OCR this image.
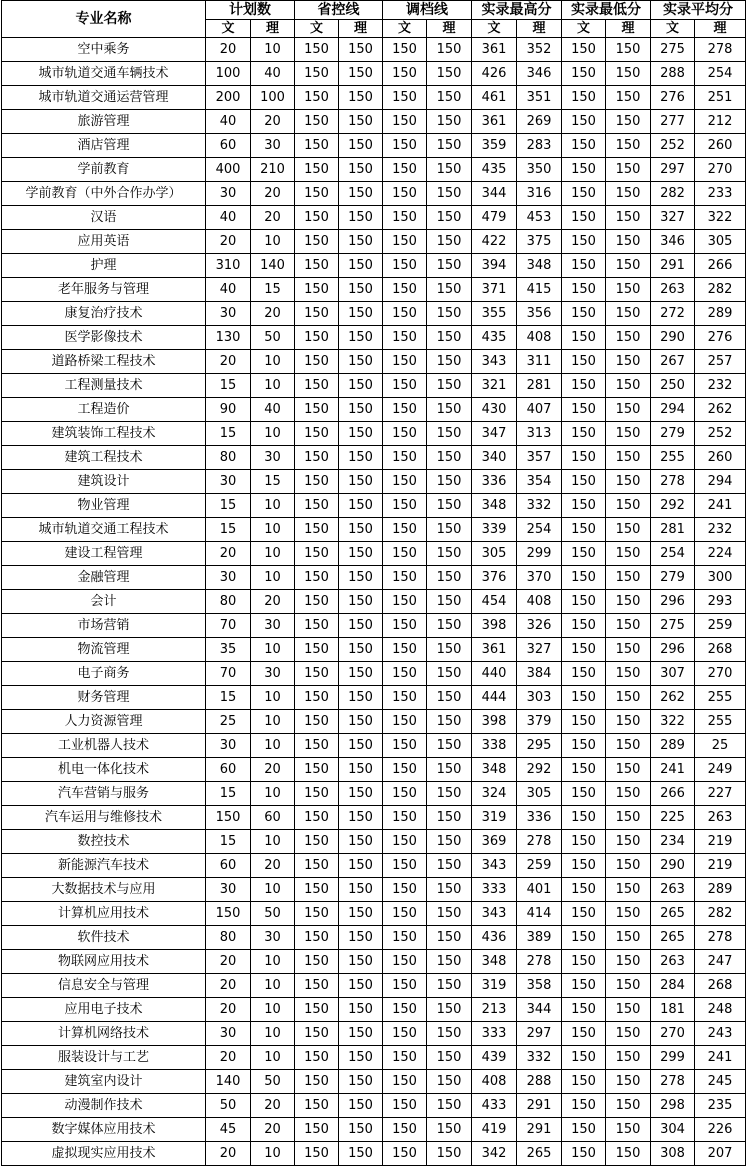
专业名称	计划数		省控线		调档线		实录最高分		实录最低分		实录平均分	
	文	理	文	理	文	理	文	理	文	理	文	理
空中乘务	20	10	150	150	150	150	361	352	150	150	275	278
城市轨道交通车辆技术	100	40	150	150	150	150	426	346	150	150	288	254
城市轨道交通运营管理	200	100	150	150	150	150	461	351	150	150	276	251
旅游管理	40	20	150	150	150	150	361	269	150	150	277	212
酒店管理	60	30	150	150	150	150	359	283	150	150	252	260
学前教育	400	210	150	150	150	150	435	350	150	150	297	270
学前教育（中外合作办学）	30	20	150	150	150	150	344	316	150	150	282	233
汉语	40	20	150	150	150	150	479	453	150	150	327	322
应用英语	20	10	150	150	150	150	422	375	150	150	346	305
护理	310	140	150	150	150	150	394	348	150	150	291	266
老年服务与管理	40	15	150	150	150	150	371	415	150	150	263	282
康复治疗技术	30	20	150	150	150	150	355	356	150	150	272	289
医学影像技术	130	50	150	150	150	150	435	408	150	150	290	276
道路桥梁工程技术	20	10	150	150	150	150	343	311	150	150	267	257
工程测量技术	15	10	150	150	150	150	321	281	150	150	250	232
工程造价	90	40	150	150	150	150	430	407	150	150	294	262
建筑装饰工程技术	15	10	150	150	150	150	347	313	150	150	279	252
建筑工程技术	80	30	150	150	150	150	340	357	150	150	255	260
建筑设计	30	15	150	150	150	150	336	354	150	150	278	294
物业管理	15	10	150	150	150	150	348	332	150	150	292	241
城市轨道交通工程技术	15	10	150	150	150	150	339	254	150	150	281	232
建设工程管理	20	10	150	150	150	150	305	299	150	150	254	224
金融管理	30	10	150	150	150	150	376	370	150	150	279	300
会计	80	20	150	150	150	150	454	408	150	150	296	293
市场营销	70	30	150	150	150	150	398	326	150	150	275	259
物流管理	35	10	150	150	150	150	361	327	150	150	296	268
电子商务	70	30	150	150	150	150	440	384	150	150	307	270
财务管理	15	10	150	150	150	150	444	303	150	150	262	255
人力资源管理	25	10	150	150	150	150	398	379	150	150	322	255
工业机器人技术	30	10	150	150	150	150	338	295	150	150	289	25
机电一体化技术	60	20	150	150	150	150	348	292	150	150	241	249
汽车营销与服务	15	10	150	150	150	150	324	305	150	150	266	227
汽车运用与维修技术	150	60	150	150	150	150	319	336	150	150	225	263
数控技术	15	10	150	150	150	150	369	278	150	150	234	219
新能源汽车技术	60	20	150	150	150	150	343	259	150	150	290	219
大数据技术与应用	30	10	150	150	150	150	333	401	150	150	263	289
计算机应用技术	150	50	150	150	150	150	343	414	150	150	265	282
软件技术	80	30	150	150	150	150	436	389	150	150	265	278
物联网应用技术	20	10	150	150	150	150	348	278	150	150	263	247
信息安全与管理	20	10	150	150	150	150	319	358	150	150	284	268
应用电子技术	20	10	150	150	150	150	213	344	150	150	181	248
计算机网络技术	30	10	150	150	150	150	333	297	150	150	270	243
服装设计与工艺	20	10	150	150	150	150	439	332	150	150	299	241
建筑室内设计	140	50	150	150	150	150	408	288	150	150	278	245
动漫制作技术	50	20	150	150	150	150	433	291	150	150	298	235
数字媒体应用技术	45	20	150	150	150	150	419	291	150	150	304	226
虚拟现实应用技术	20	10	150	150	150	150	342	265	150	150	308	207
